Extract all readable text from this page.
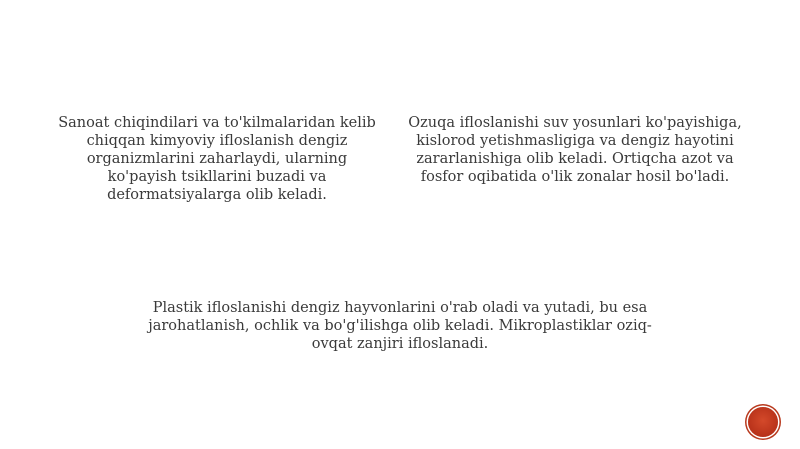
Sanoat chiqindilari va to'kilmalaridan kelib chiqqan kimyoviy ifloslanish dengiz organizmlarini zaharlaydi, ularning ko'payish tsikllarini buzadi va deformatsiyalarga olib keladi.

Ozuqa ifloslanishi suv yosunlari ko'payishiga, kislorod yetishmasligiga va dengiz hayotini zararlanishiga olib keladi. Ortiqcha azot va fosfor oqibatida o'lik zonalar hosil bo'ladi.

Plastik ifloslanishi dengiz hayvonlarini o'rab oladi va yutadi, bu esa jarohatlanish, ochlik va bo'g'ilishga olib keladi. Mikroplastiklar oziq-ovqat zanjiri ifloslanadi.
